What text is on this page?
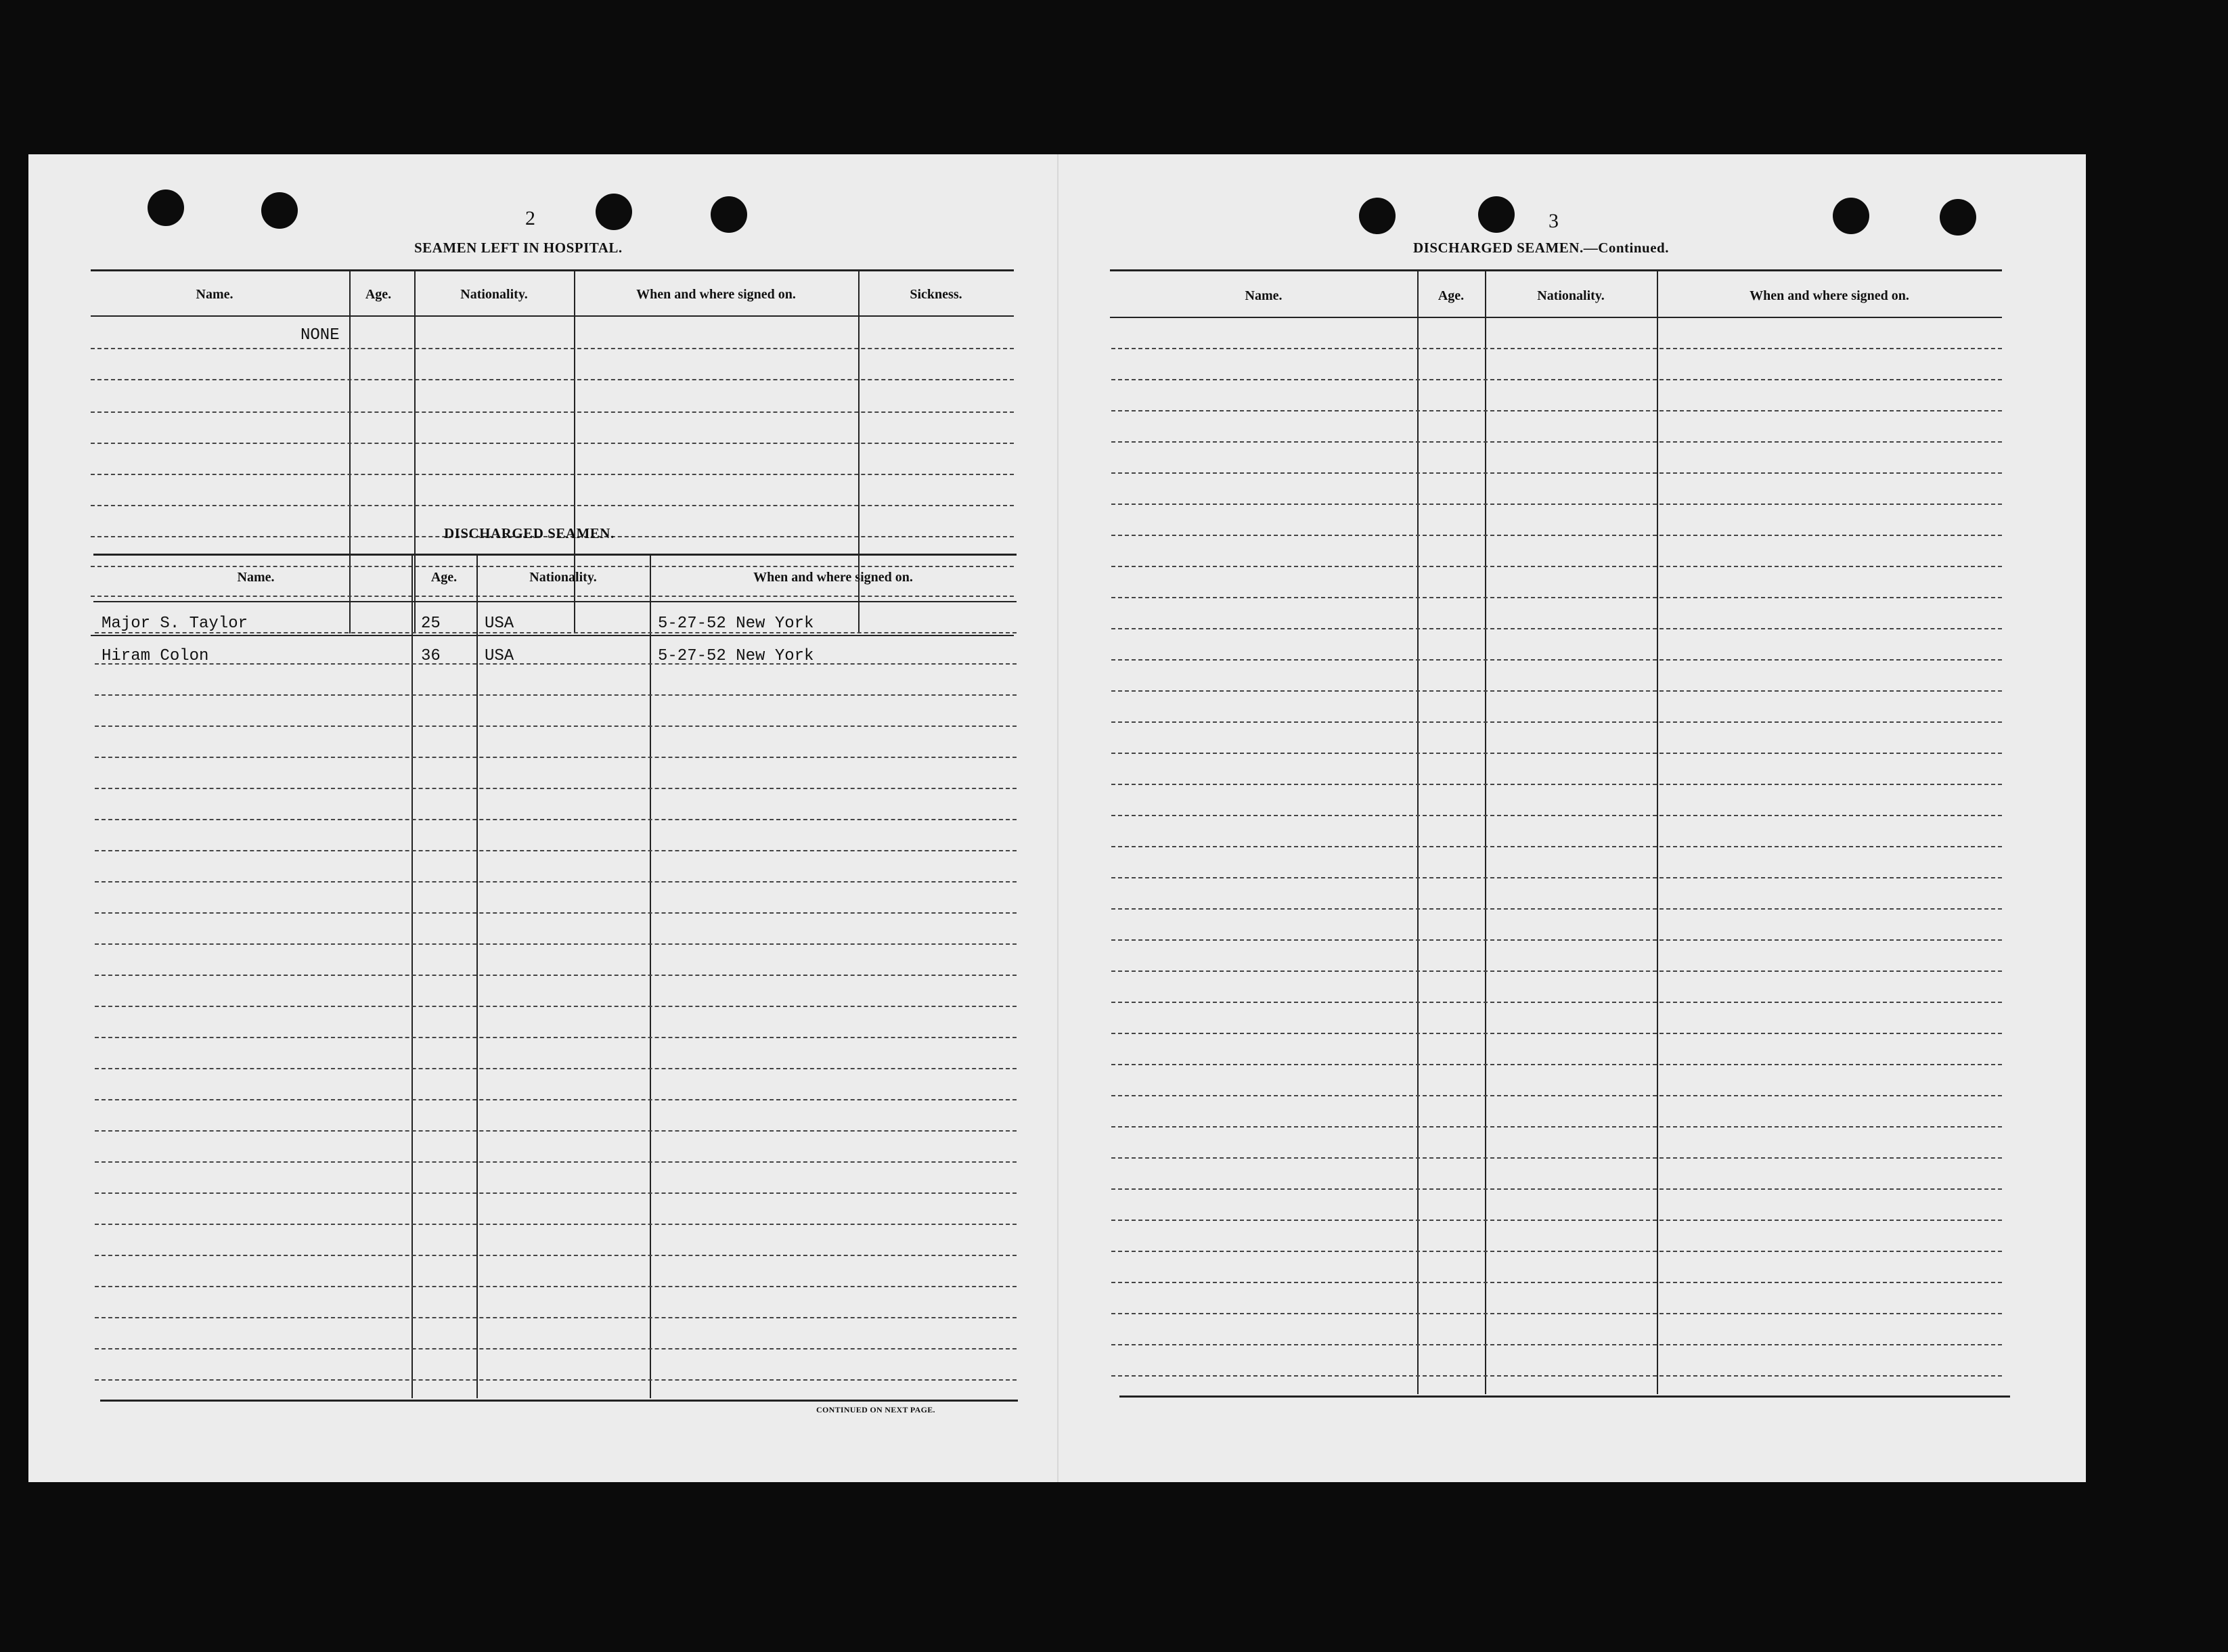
2
SEAMEN LEFT IN HOSPITAL.
Name.	Age.	Nationality.	When and where signed on.	Sickness.
NONE
DISCHARGED SEAMEN.
Name.	Age.	Nationality.	When and where signed on.
Major S. Taylor	25	USA	5-27-52 New York
Hiram Colon	36	USA	5-27-52 New York
CONTINUED ON NEXT PAGE.
3
DISCHARGED SEAMEN.—Continued.
Name.	Age.	Nationality.	When and where signed on.
